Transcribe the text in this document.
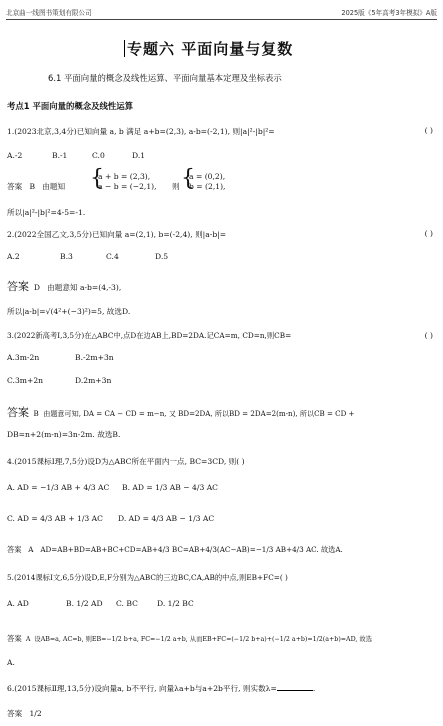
北京曲一线图书策划有限公司	2025版《5年高考3年模拟》A版
专题六 平面向量与复数
6.1 平面向量的概念及线性运算、平面向量基本定理及坐标表示
考点1 平面向量的概念及线性运算
1.(2023北京,3,4分)已知向量 a, b 满足 a+b=(2,3), a-b=(-2,1), 则|a|²-|b|²=	( )
A.-2	B.-1	C.0	D.1
答案 B 由题知 {
a + b = (2,3),
a − b = (−2,1), 则 {
a = (0,2),
b = (2,1),
所以|a|²-|b|²=4-5=-1.
2.(2022全国乙文,3,5分)已知向量 a=(2,1), b=(-2,4), 则|a-b|=	( )
A.2	B.3	C.4	D.5
答案 D 由题意知 a-b=(4,-3),
所以|a-b|=√(4²+(−3)²)=5, 故选D.
3.(2022新高考Ⅰ,3,5分)在△ABC中,点D在边AB上,BD=2DA.记CA=m, CD=n,则CB=	( )
A.3m-2n	B.-2m+3n
C.3m+2n	D.2m+3n
答案 B 由题意可知, DA = CA − CD = m−n, 又 BD=2DA, 所以BD = 2DA=2(m-n), 所以CB = CD +
DB=n+2(m-n)=3n-2m. 故选B.
4.(2015课标Ⅰ理,7,5分)设D为△ABC所在平面内一点, BC=3CD, 则( )
A. AD = −1/3 AB + 4/3 AC B. AD = 1/3 AB − 4/3 AC
C. AD = 4/3 AB + 1/3 AC D. AD = 4/3 AB − 1/3 AC
答案 A AD=AB+BD=AB+BC+CD=AB+4/3 BC=AB+4/3(AC−AB)=−1/3 AB+4/3 AC. 故选A.
5.(2014课标Ⅰ文,6,5分)设D,E,F分别为△ABC的三边BC,CA,AB的中点,则EB+FC=( )
A. AD	B. 1/2 AD C. BC	D. 1/2 BC
答案 A 设AB=a, AC=b, 则EB=−1/2 b+a, FC=−1/2 a+b, 从而EB+FC=(−1/2 b+a)+(−1/2 a+b)=1/2(a+b)=AD, 故选
A.
6.(2015课标Ⅱ理,13,5分)设向量a, b不平行, 向量λa+b与a+2b平行, 则实数λ=	.
答案 1/2
